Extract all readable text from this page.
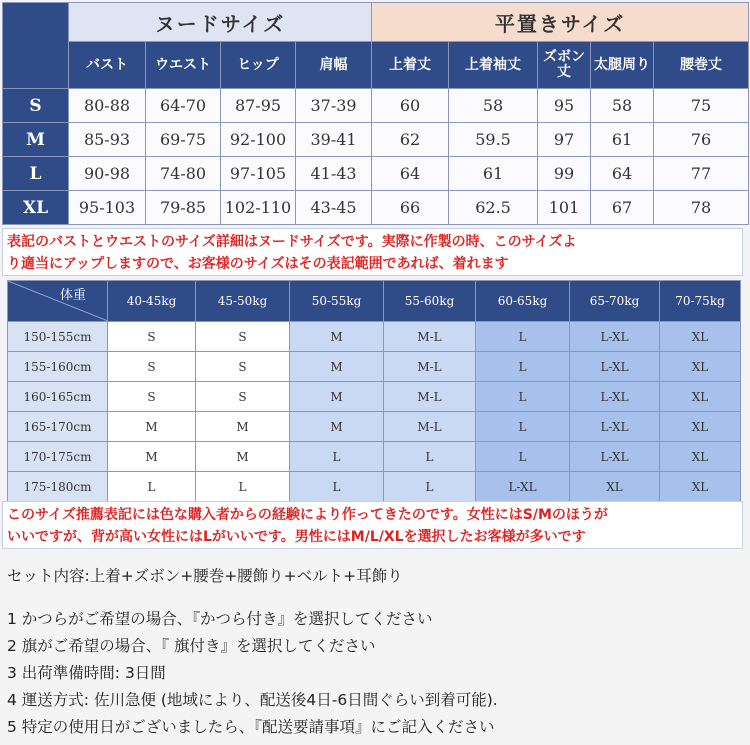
	ヌードサイズ				平置きサイズ				
	バスト	ウエスト	ヒップ	肩幅	上着丈	上着袖丈	ズボン丈	太腿周り	腰巻丈
S	80-88	64-70	87-95	37-39	60	58	95	58	75
M	85-93	69-75	92-100	39-41	62	59.5	97	61	76
L	90-98	74-80	97-105	41-43	64	61	99	64	77
XL	95-103	79-85	102-110	43-45	66	62.5	101	67	78
表記のバストとウエストのサイズ詳細はヌードサイズです。実際に作製の時、このサイズよ
り適当にアップしますので、お客様のサイズはその表記範囲であれば、着れます
体重	40-45kg	45-50kg	50-55kg	55-60kg	60-65kg	65-70kg	70-75kg
150-155cm	S	S	M	M-L	L	L-XL	XL
155-160cm	S	S	M	M-L	L	L-XL	XL
160-165cm	S	S	M	M-L	L	L-XL	XL
165-170cm	M	M	M	M-L	L	L-XL	XL
170-175cm	M	M	L	L	L	L-XL	XL
175-180cm	L	L	L	L	L-XL	XL	XL
このサイズ推薦表記には色な購入者からの経験により作ってきたのです。女性にはS/Mのほうが
いいですが、背が高い女性にはLがいいです。男性にはM/L/XLを選択したお客様が多いです
セット内容:上着+ズボン+腰巻+腰飾り+ベルト+耳飾り
1 かつらがご希望の場合、『かつら付き』を選択してください
2 旗がご希望の場合、『 旗付き』を選択してください
3 出荷準備時間: 3日間
4 運送方式: 佐川急便 (地域により、配送後4日-6日間ぐらい到着可能).
5 特定の使用日がございましたら、『配送要請事項』にご記入ください
